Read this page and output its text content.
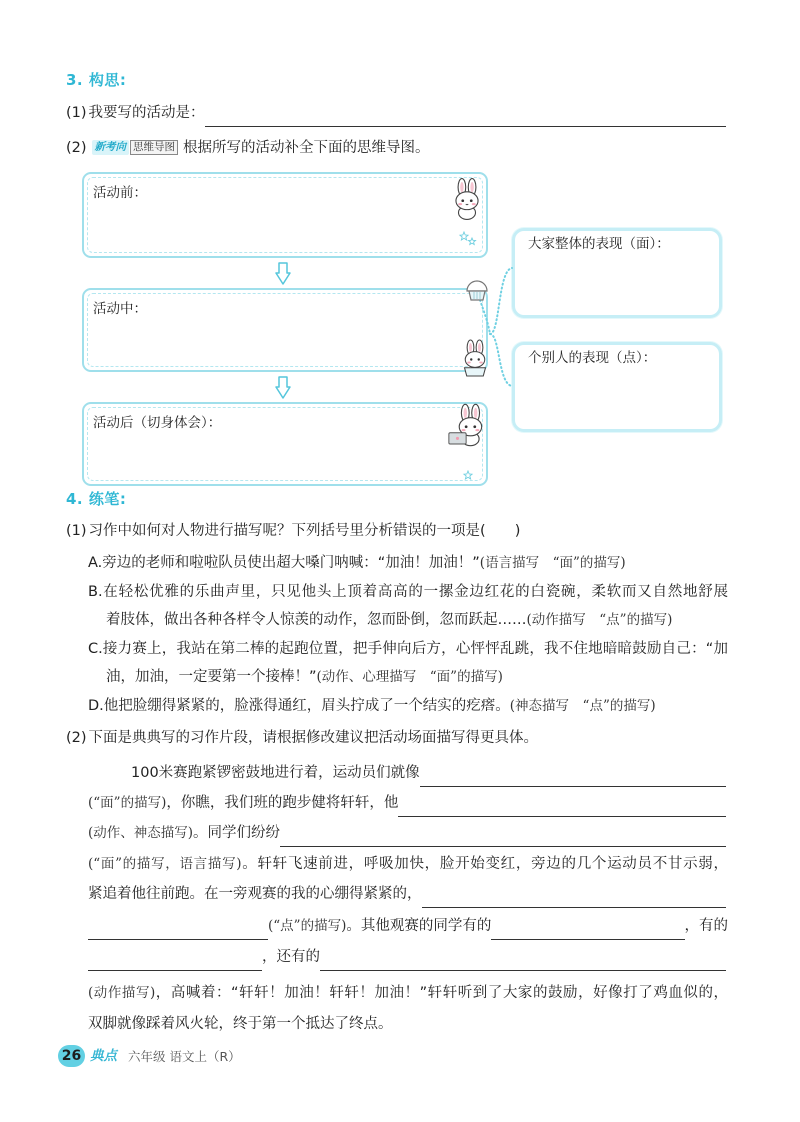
3. 构思:
(1) 我要写的活动是：
(2) 新考向 思维导图 根据所写的活动补全下面的思维导图。
活动前：
活动中：
活动后（切身体会）：
大家整体的表现（面）：
个别人的表现（点）：
4. 练笔:
(1) 习作中如何对人物进行描写呢？下列括号里分析错误的一项是(　　)
A.旁边的老师和啦啦队员使出超大嗓门呐喊：“加油！加油！”(语言描写　“面”的描写)
B.在轻松优雅的乐曲声里，只见他头上顶着高高的一摞金边红花的白瓷碗，柔软而又自然地舒展
着肢体，做出各种各样令人惊羡的动作，忽而卧倒，忽而跃起……(动作描写　“点”的描写)
C.接力赛上，我站在第二棒的起跑位置，把手伸向后方，心怦怦乱跳，我不住地暗暗鼓励自己：“加
油，加油，一定要第一个接棒！”(动作、心理描写　“面”的描写)
D.他把脸绷得紧紧的，脸涨得通红，眉头拧成了一个结实的疙瘩。(神态描写　“点”的描写)
(2) 下面是典典写的习作片段，请根据修改建议把活动场面描写得更具体。
100米赛跑紧锣密鼓地进行着，运动员们就像
(“面”的描写) ，你瞧，我们班的跑步健将轩轩，他
(动作、神态描写) 。同学们纷纷
(“面”的描写，语言描写)。轩轩飞速前进，呼吸加快，脸开始变红，旁边的几个运动员不甘示弱，
紧追着他往前跑。在一旁观赛的我的心绷得紧紧的，
(“点”的描写) 。其他观赛的同学有的	，有的
，还有的
(动作描写)，高喊着：“轩轩！加油！轩轩！加油！”轩轩听到了大家的鼓励，好像打了鸡血似的，
双脚就像踩着风火轮，终于第一个抵达了终点。
26 典点 六年级 语文上（R）
